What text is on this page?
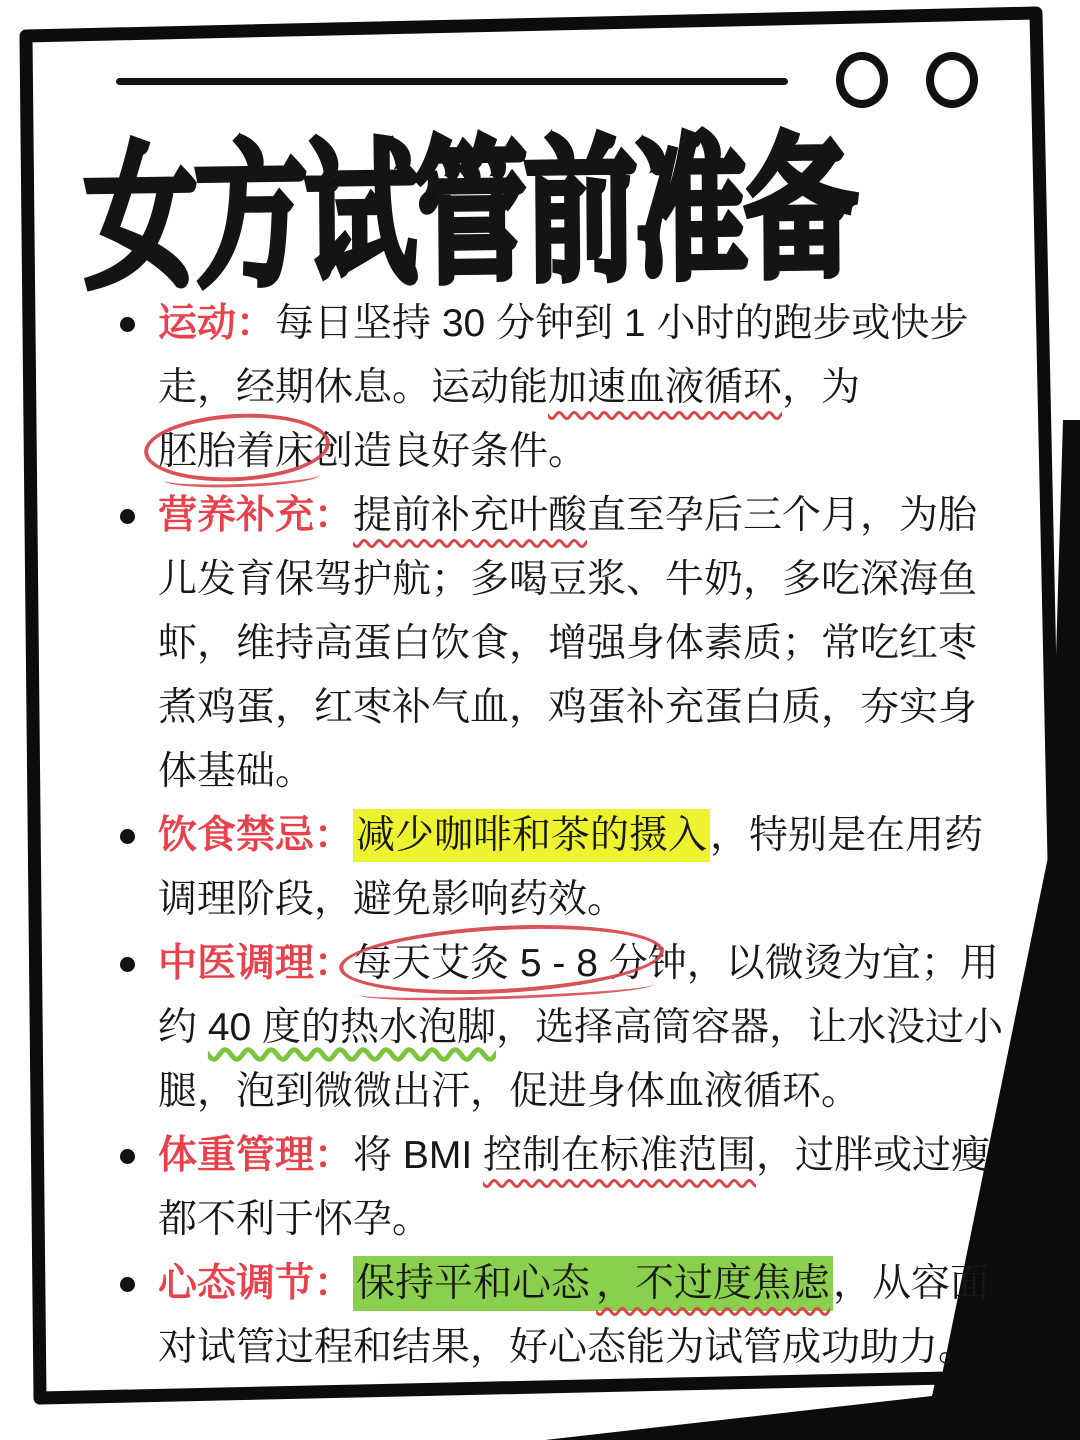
女方试管前准备
运动：每日坚持 30 分钟到 1 小时的跑步或快步走，经期休息。运动能加速血液循环，为胚胎着床创造良好条件。
营养补充：提前补充叶酸直至孕后三个月，为胎儿发育保驾护航；多喝豆浆、牛奶，多吃深海鱼虾，维持高蛋白饮食，增强身体素质；常吃红枣煮鸡蛋，红枣补气血，鸡蛋补充蛋白质，夯实身体基础。
饮食禁忌：减少咖啡和茶的摄入，特别是在用药调理阶段，避免影响药效。
中医调理：每天艾灸 5 - 8 分钟，以微烫为宜；用约 40 度的热水泡脚，选择高筒容器，让水没过小腿，泡到微微出汗，促进身体血液循环。
体重管理：将 BMI 控制在标准范围，过胖或过瘦都不利于怀孕。
心态调节：保持平和心态 ，不过度焦虑，从容面对试管过程和结果，好心态能为试管成功助力。
